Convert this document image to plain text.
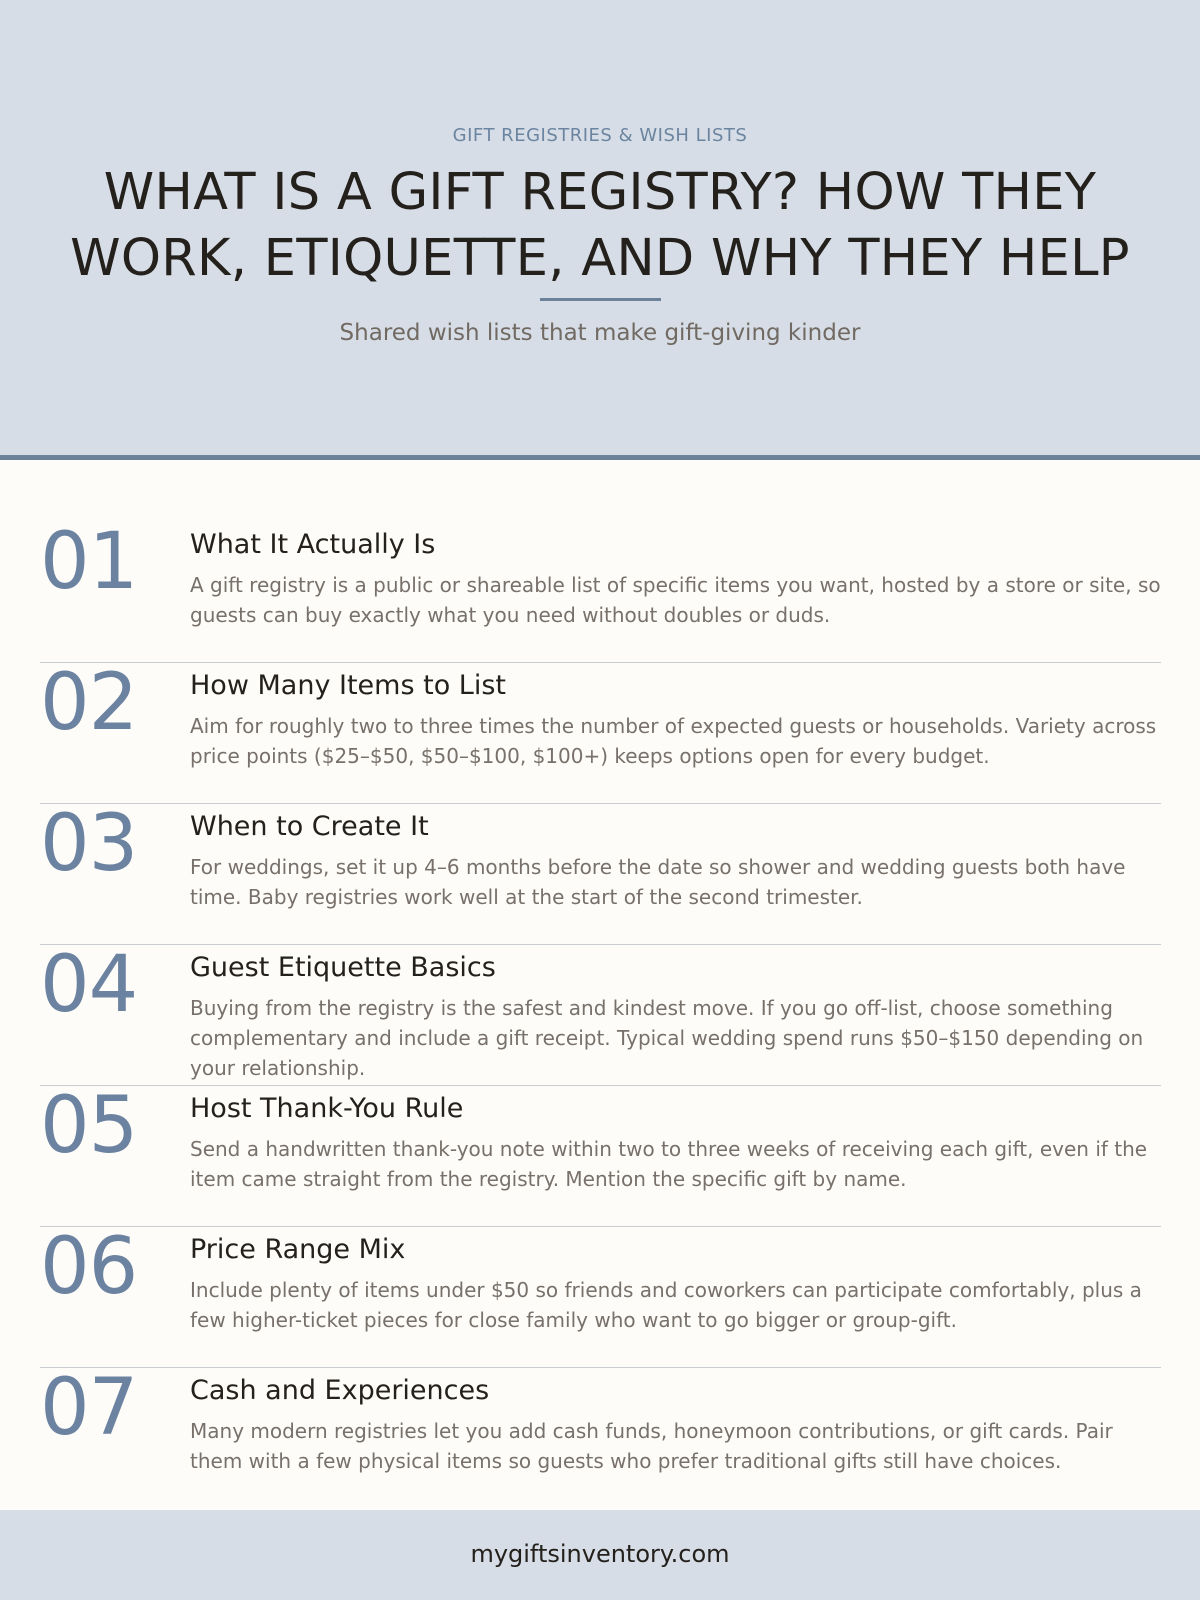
GIFT REGISTRIES & WISH LISTS
WHAT IS A GIFT REGISTRY? HOW THEY WORK, ETIQUETTE, AND WHY THEY HELP
Shared wish lists that make gift-giving kinder
01 What It Actually Is
A gift registry is a public or shareable list of specific items you want, hosted by a store or site, so guests can buy exactly what you need without doubles or duds.
02 How Many Items to List
Aim for roughly two to three times the number of expected guests or households. Variety across price points ($25–$50, $50–$100, $100+) keeps options open for every budget.
03 When to Create It
For weddings, set it up 4–6 months before the date so shower and wedding guests both have time. Baby registries work well at the start of the second trimester.
04 Guest Etiquette Basics
Buying from the registry is the safest and kindest move. If you go off-list, choose something complementary and include a gift receipt. Typical wedding spend runs $50–$150 depending on your relationship.
05 Host Thank-You Rule
Send a handwritten thank-you note within two to three weeks of receiving each gift, even if the item came straight from the registry. Mention the specific gift by name.
06 Price Range Mix
Include plenty of items under $50 so friends and coworkers can participate comfortably, plus a few higher-ticket pieces for close family who want to go bigger or group-gift.
07 Cash and Experiences
Many modern registries let you add cash funds, honeymoon contributions, or gift cards. Pair them with a few physical items so guests who prefer traditional gifts still have choices.
mygiftsinventory.com
